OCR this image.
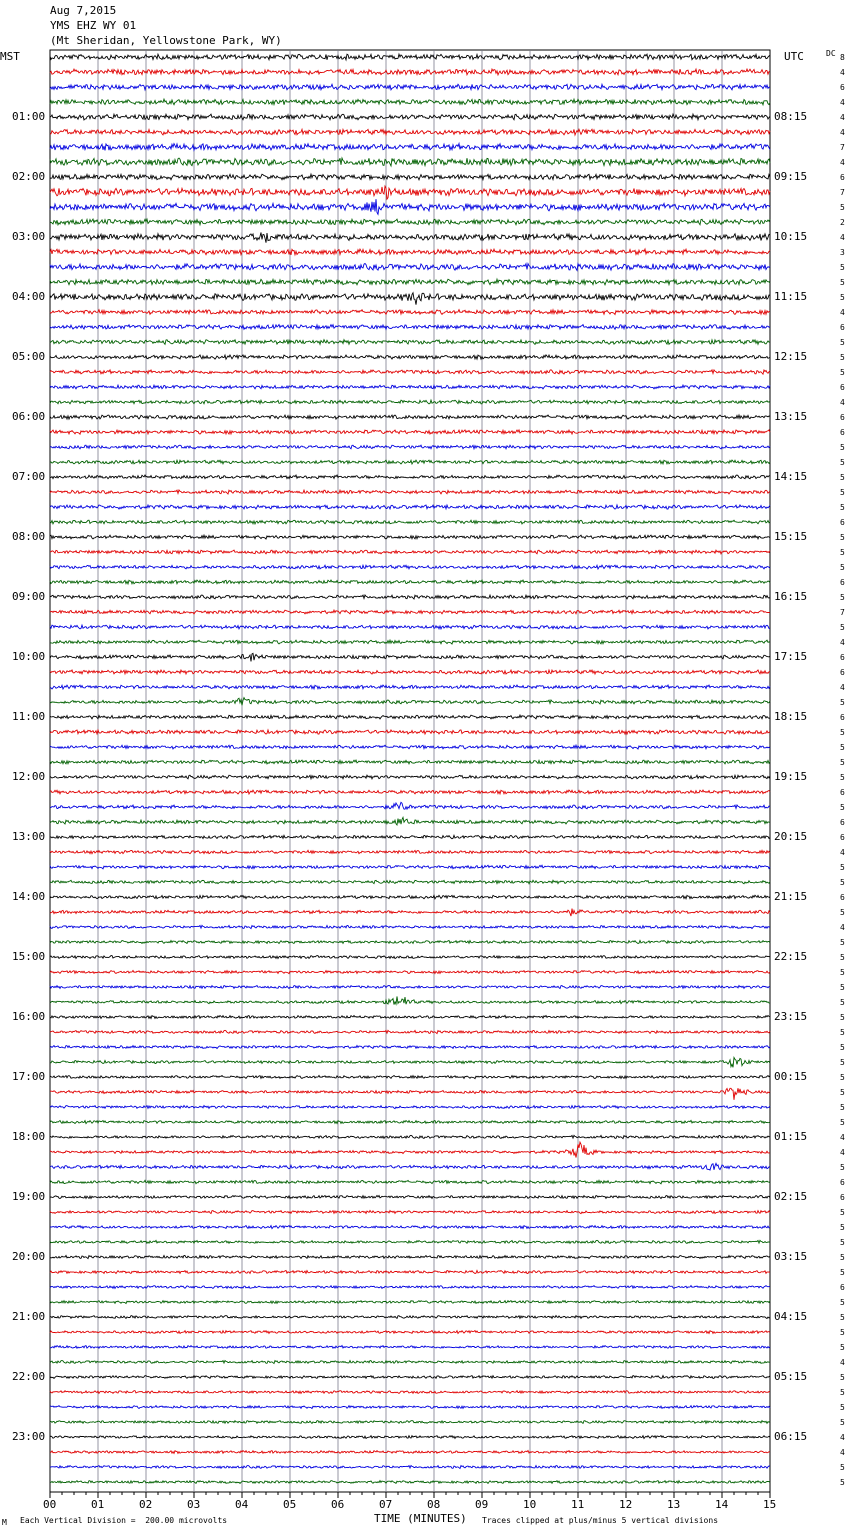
Aug 7,2015
YMS EHZ WY 01
(Mt Sheridan, Yellowstone Park, WY)
MST	UTC	DC
01:00
02:00
03:00
04:00
05:00
06:00
07:00
08:00
09:00
10:00
11:00
12:00
13:00
14:00
15:00
16:00
17:00
18:00
19:00
20:00
21:00
22:00
23:00
08:15
09:15
10:15
11:15
12:15
13:15
14:15
15:15
16:15
17:15
18:15
19:15
20:15
21:15
22:15
23:15
00:15
01:15
02:15
03:15
04:15
05:15
06:15
8
4
6
4
4
4
7
4
6
7
5
2
4
3
5
5
5
4
6
5
5
5
6
4
6
6
5
5
5
5
5
6
5
5
5
6
5
7
5
4
6
6
4
5
6
5
5
5
5
6
5
6
6
4
5
5
6
5
4
5
5
5
5
5
5
5
5
5
5
5
5
5
4
4
5
6
6
5
5
5
5
5
6
5
5
5
5
4
5
5
5
5
4
4
5
5
00	01	02	03	04	05	06	07	08	09	10	11	12	13	14	15
M Each Vertical Division =  200.00 microvolts	TIME (MINUTES) Traces clipped at plus/minus 5 vertical divisions
